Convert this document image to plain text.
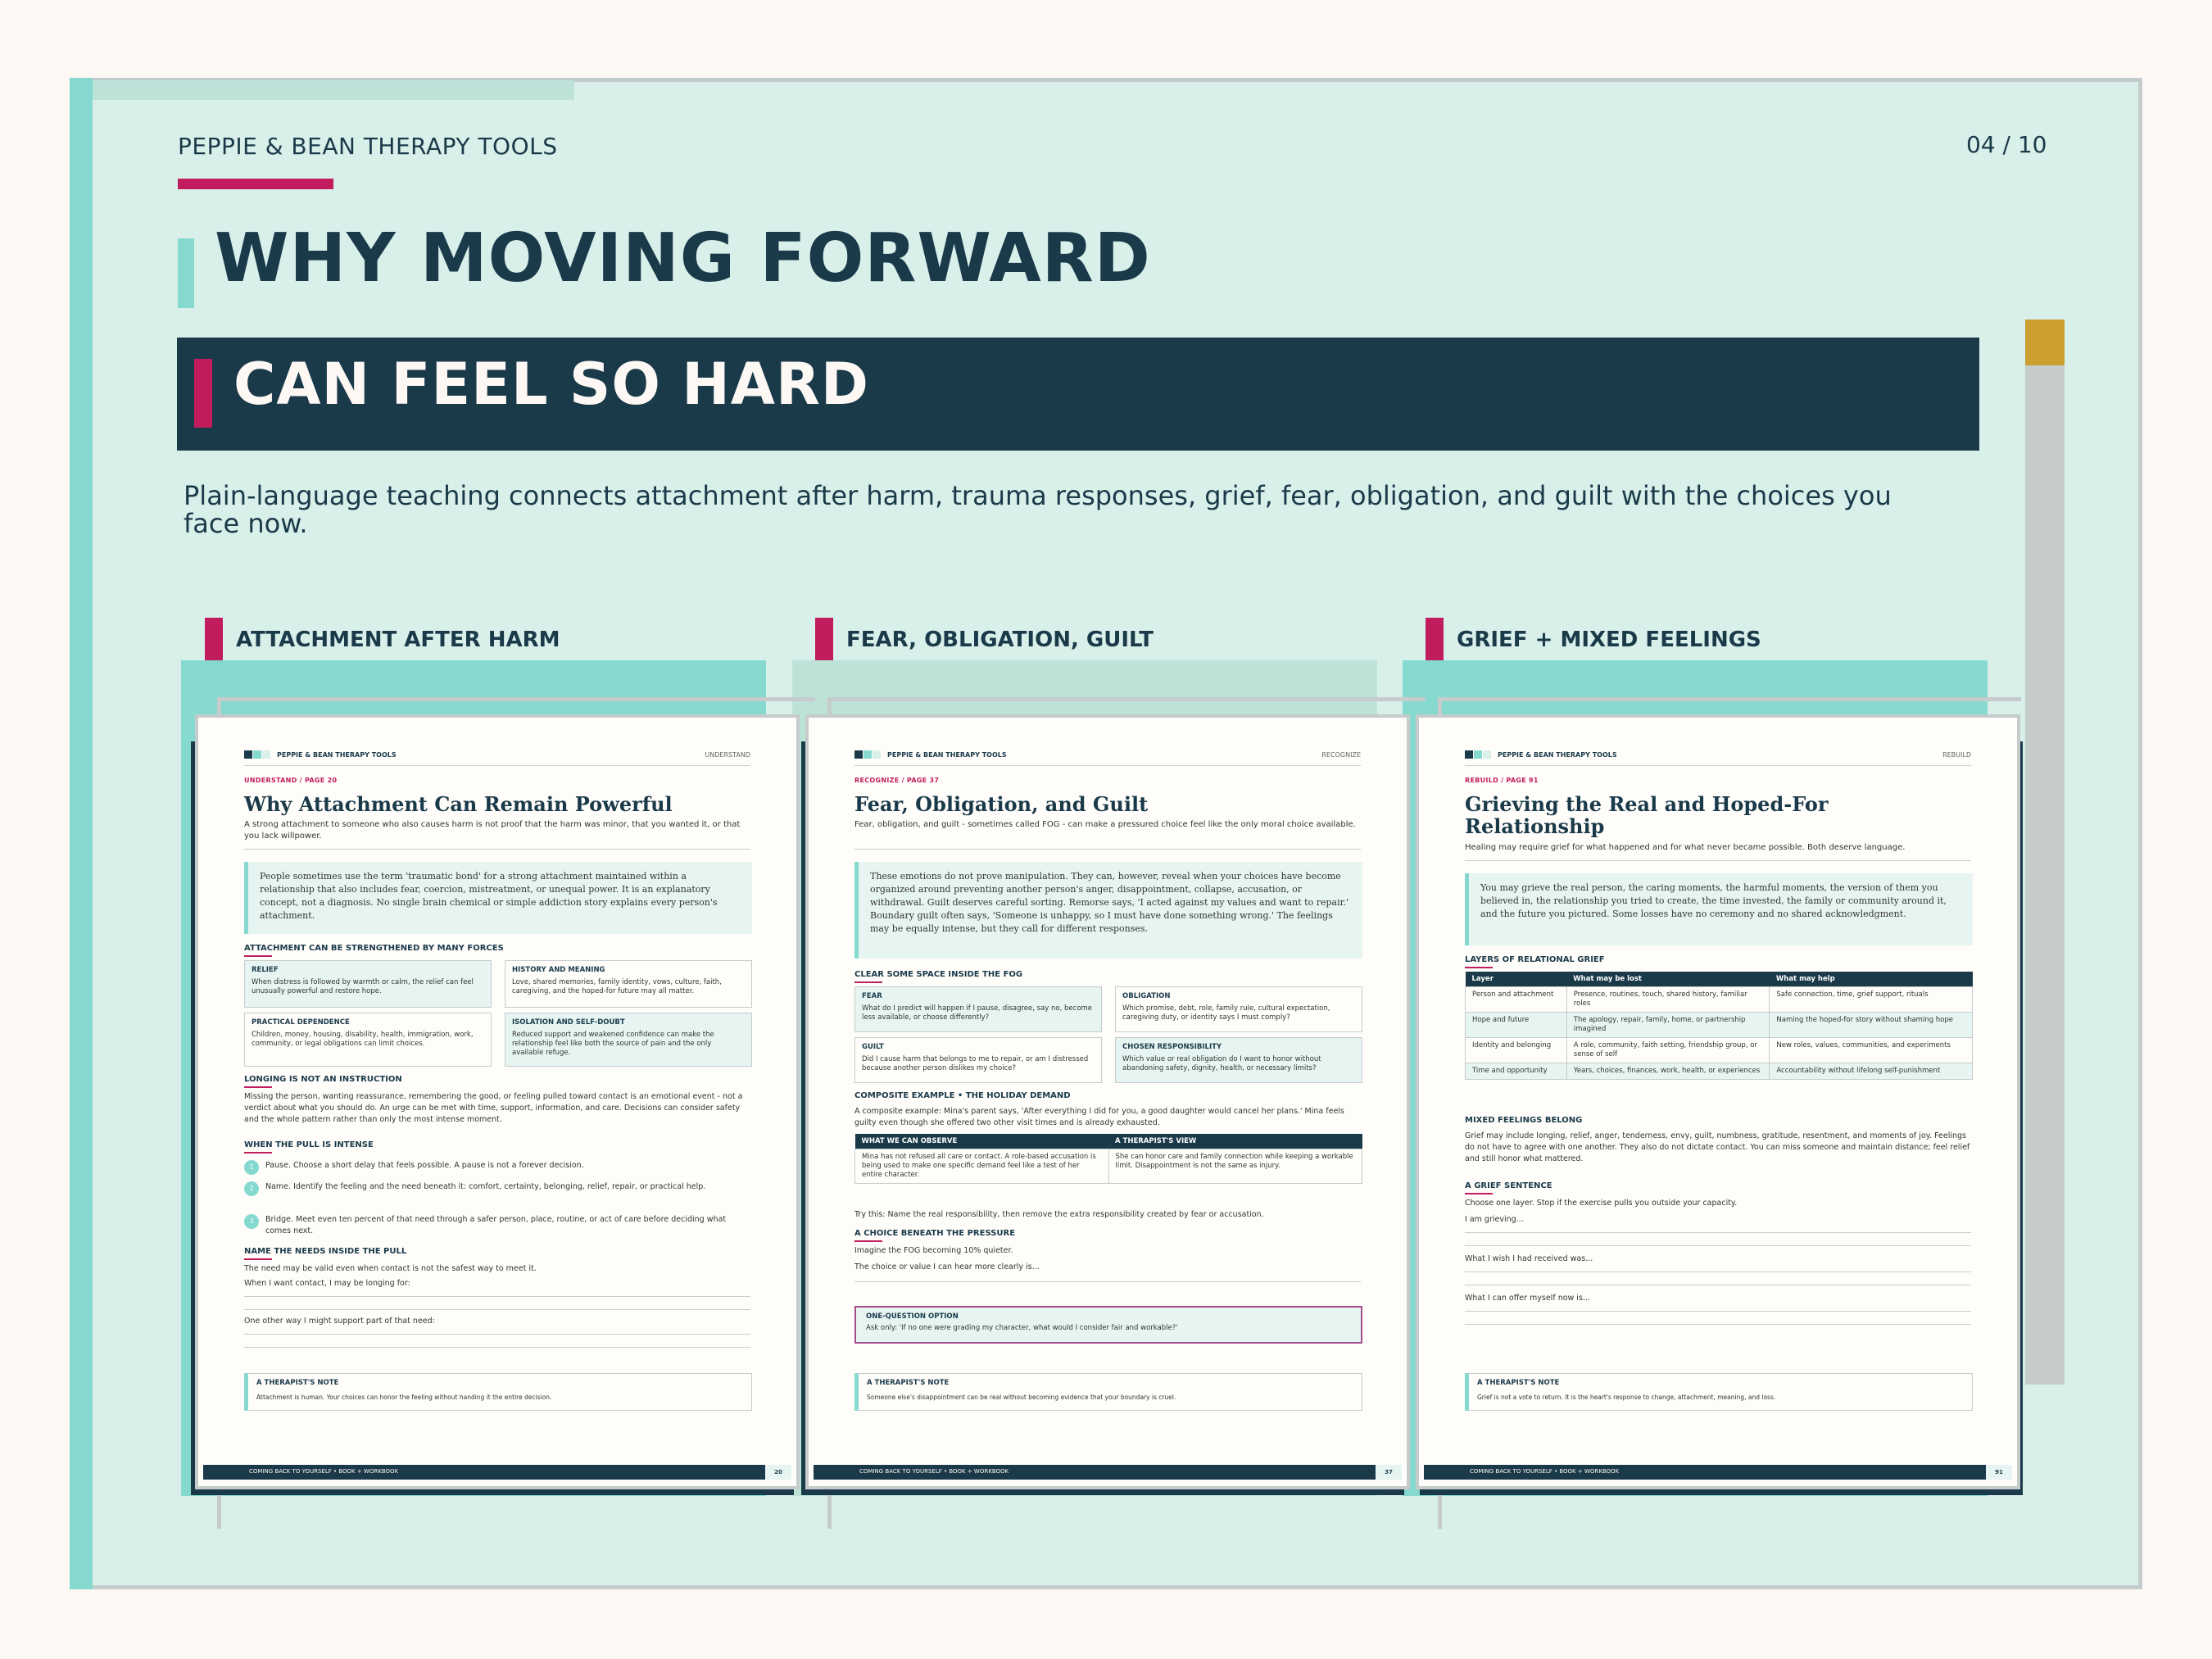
PEPPIE & BEAN THERAPY TOOLS	04 / 10
WHY MOVING FORWARD
CAN FEEL SO HARD
Plain-language teaching connects attachment after harm, trauma responses, grief, fear, obligation, and guilt with the choices you face now.
ATTACHMENT AFTER HARM	FEAR, OBLIGATION, GUILT	GRIEF + MIXED FEELINGS
PEPPIE & BEAN THERAPY TOOLS	UNDERSTAND
UNDERSTAND / PAGE 20
Why Attachment Can Remain Powerful
A strong attachment to someone who also causes harm is not proof that the harm was minor, that you wanted it, or that you lack willpower.
People sometimes use the term 'traumatic bond' for a strong attachment maintained within a relationship that also includes fear, coercion, mistreatment, or unequal power. It is an explanatory concept, not a diagnosis. No single brain chemical or simple addiction story explains every person's attachment.
ATTACHMENT CAN BE STRENGTHENED BY MANY FORCES
RELIEF
When distress is followed by warmth or calm, the relief can feel unusually powerful and restore hope.
HISTORY AND MEANING
Love, shared memories, family identity, vows, culture, faith, caregiving, and the hoped-for future may all matter.
PRACTICAL DEPENDENCE
Children, money, housing, disability, health, immigration, work, community, or legal obligations can limit choices.
ISOLATION AND SELF-DOUBT
Reduced support and weakened confidence can make the relationship feel like both the source of pain and the only available refuge.
LONGING IS NOT AN INSTRUCTION
Missing the person, wanting reassurance, remembering the good, or feeling pulled toward contact is an emotional event - not a verdict about what you should do. An urge can be met with time, support, information, and care. Decisions can consider safety and the whole pattern rather than only the most intense moment.
WHEN THE PULL IS INTENSE
1	Pause. Choose a short delay that feels possible. A pause is not a forever decision.
2	Name. Identify the feeling and the need beneath it: comfort, certainty, belonging, relief, repair, or practical help.
3	Bridge. Meet even ten percent of that need through a safer person, place, routine, or act of care before deciding what comes next.
NAME THE NEEDS INSIDE THE PULL
The need may be valid even when contact is not the safest way to meet it.
When I want contact, I may be longing for:
One other way I might support part of that need:
A THERAPIST'S NOTE
Attachment is human. Your choices can honor the feeling without handing it the entire decision.
COMING BACK TO YOURSELF • BOOK + WORKBOOK	20
PEPPIE & BEAN THERAPY TOOLS	RECOGNIZE
RECOGNIZE / PAGE 37
Fear, Obligation, and Guilt
Fear, obligation, and guilt - sometimes called FOG - can make a pressured choice feel like the only moral choice available.
These emotions do not prove manipulation. They can, however, reveal when your choices have become organized around preventing another person's anger, disappointment, collapse, accusation, or withdrawal. Guilt deserves careful sorting. Remorse says, 'I acted against my values and want to repair.' Boundary guilt often says, 'Someone is unhappy, so I must have done something wrong.' The feelings may be equally intense, but they call for different responses.
CLEAR SOME SPACE INSIDE THE FOG
FEAR
What do I predict will happen if I pause, disagree, say no, become less available, or choose differently?
OBLIGATION
Which promise, debt, role, family rule, cultural expectation, caregiving duty, or identity says I must comply?
GUILT
Did I cause harm that belongs to me to repair, or am I distressed because another person dislikes my choice?
CHOSEN RESPONSIBILITY
Which value or real obligation do I want to honor without abandoning safety, dignity, health, or necessary limits?
COMPOSITE EXAMPLE • THE HOLIDAY DEMAND
A composite example: Mina's parent says, 'After everything I did for you, a good daughter would cancel her plans.' Mina feels guilty even though she offered two other visit times and is already exhausted.
WHAT WE CAN OBSERVE	A THERAPIST'S VIEW
Mina has not refused all care or contact. A role-based accusation is being used to make one specific demand feel like a test of her entire character.	She can honor care and family connection while keeping a workable limit. Disappointment is not the same as injury.
Try this: Name the real responsibility, then remove the extra responsibility created by fear or accusation.
A CHOICE BENEATH THE PRESSURE
Imagine the FOG becoming 10% quieter.
The choice or value I can hear more clearly is...
ONE-QUESTION OPTION
Ask only: 'If no one were grading my character, what would I consider fair and workable?'
A THERAPIST'S NOTE
Someone else's disappointment can be real without becoming evidence that your boundary is cruel.
COMING BACK TO YOURSELF • BOOK + WORKBOOK	37
PEPPIE & BEAN THERAPY TOOLS	REBUILD
REBUILD / PAGE 91
Grieving the Real and Hoped-For Relationship
Healing may require grief for what happened and for what never became possible. Both deserve language.
You may grieve the real person, the caring moments, the harmful moments, the version of them you believed in, the relationship you tried to create, the time invested, the family or community around it, and the future you pictured. Some losses have no ceremony and no shared acknowledgment.
LAYERS OF RELATIONAL GRIEF
Layer	What may be lost	What may help
Person and attachment	Presence, routines, touch, shared history, familiar roles	Safe connection, time, grief support, rituals
Hope and future	The apology, repair, family, home, or partnership imagined	Naming the hoped-for story without shaming hope
Identity and belonging	A role, community, faith setting, friendship group, or sense of self	New roles, values, communities, and experiments
Time and opportunity	Years, choices, finances, work, health, or experiences	Accountability without lifelong self-punishment
MIXED FEELINGS BELONG
Grief may include longing, relief, anger, tenderness, envy, guilt, numbness, gratitude, resentment, and moments of joy. Feelings do not have to agree with one another. They also do not dictate contact. You can miss someone and maintain distance; feel relief and still honor what mattered.
A GRIEF SENTENCE
Choose one layer. Stop if the exercise pulls you outside your capacity.
I am grieving...
What I wish I had received was...
What I can offer myself now is...
A THERAPIST'S NOTE
Grief is not a vote to return. It is the heart's response to change, attachment, meaning, and loss.
COMING BACK TO YOURSELF • BOOK + WORKBOOK	91
